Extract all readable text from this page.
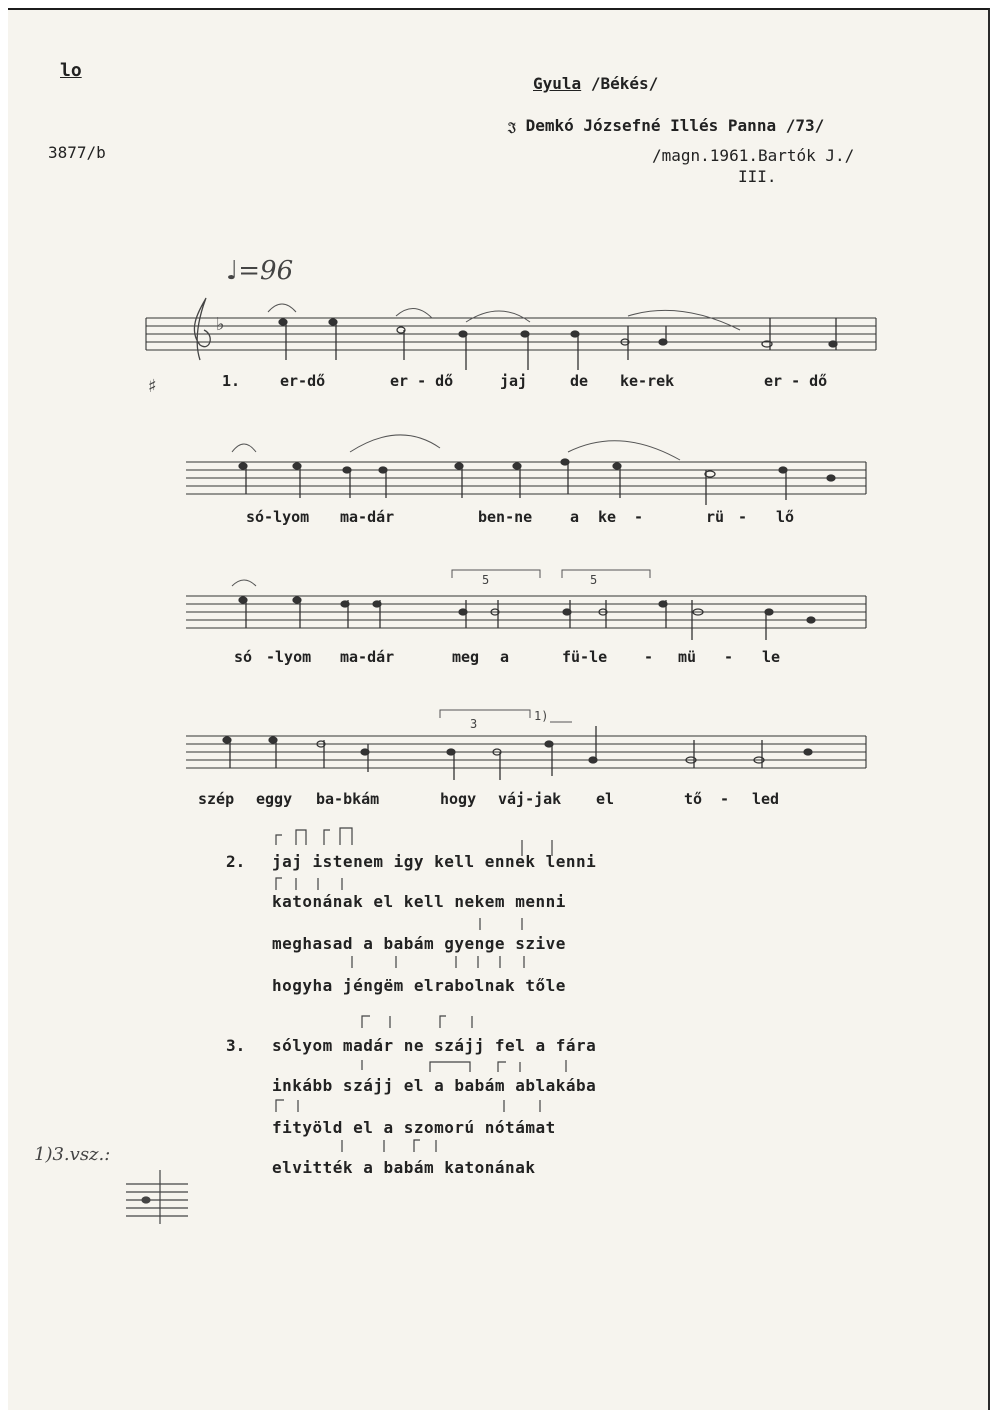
lo
3877/b
Gyula /Békés/
𝔍 Demkó Józsefné Illés Panna /73/
/magn.1961.Bartók J./
III.
♩=96
♭
♯
5	5
3
1)
1.	er-dő	er - dő	jaj	de ke-rek	er - dő
só-lyom ma-dár	ben-ne	a ke -	rü - lő
só -lyom ma-dár	meg a	fü-le - mü - le
szép eggy ba-bkám	hogy váj-jak el	tő - led
2. jaj istenem igy kell ennek lenni
katonának el kell nekem menni
meghasad a babám gyenge szive
hogyha jéngëm elrabolnak tőle
3. sólyom madár ne szájj fel a fára
inkább szájj el a babám ablakába
fityöld el a szomorú nótámat
elvitték a babám katonának
1)3.vsz.:
